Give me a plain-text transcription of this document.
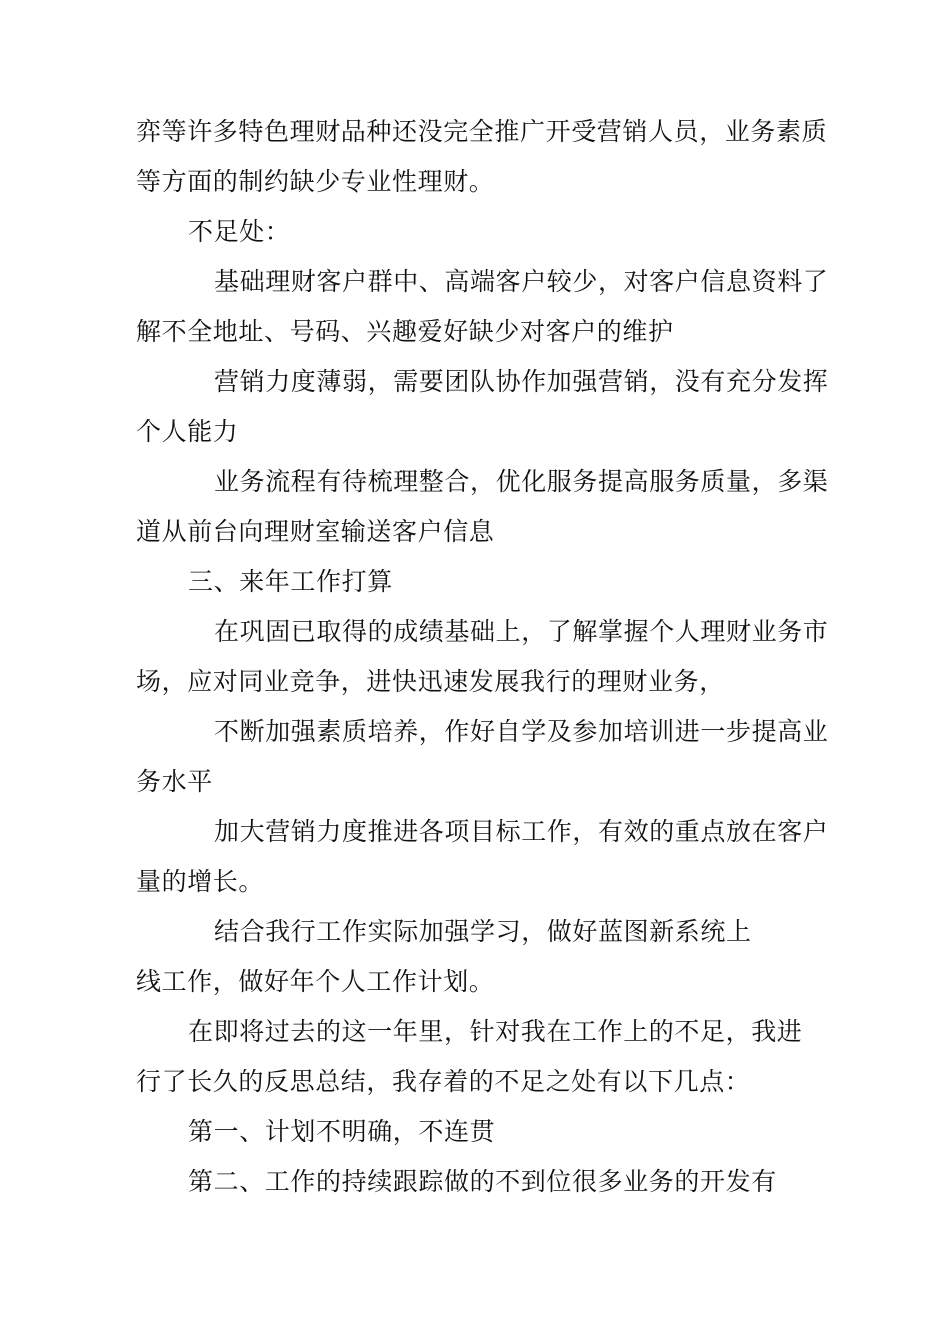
弈等许多特色理财品种还没完全推广开受营销人员，业务素质
等方面的制约缺少专业性理财。
不足处：
基础理财客户群中、高端客户较少，对客户信息资料了
解不全地址、号码、兴趣爱好缺少对客户的维护
营销力度薄弱，需要团队协作加强营销，没有充分发挥
个人能力
业务流程有待梳理整合，优化服务提高服务质量，多渠
道从前台向理财室输送客户信息
三、来年工作打算
在巩固已取得的成绩基础上，了解掌握个人理财业务市
场，应对同业竞争，进快迅速发展我行的理财业务，
不断加强素质培养，作好自学及参加培训进一步提高业
务水平
加大营销力度推进各项目标工作，有效的重点放在客户
量的增长。
结合我行工作实际加强学习，做好蓝图新系统上
线工作，做好年个人工作计划。
在即将过去的这一年里，针对我在工作上的不足，我进
行了长久的反思总结，我存着的不足之处有以下几点：
第一、计划不明确，不连贯
第二、工作的持续跟踪做的不到位很多业务的开发有
